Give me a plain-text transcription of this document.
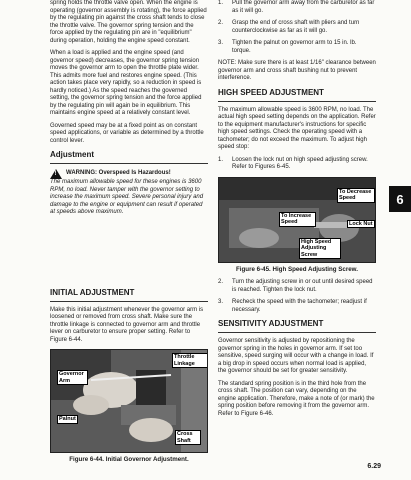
spring holds the throttle valve open. When the engine is operating (governor assembly is rotating), the force applied by the regulating pin against the cross shaft tends to close the throttle valve. The governor spring tension and the force applied by the regulating pin are in "equilibrium" during operation, holding the engine speed constant.

When a load is applied and the engine speed (and governor speed) decreases, the governor spring tension moves the governor arm to open the throttle plate wider. This admits more fuel and restores engine speed. (This action takes place very rapidly, so a reduction in speed is hardly noticed.) As the speed reaches the governed setting, the governor spring tension and the force applied by the regulating pin will again be in equilibrium. This maintains engine speed at a relatively constant level.

Governed speed may be at a fixed point as on constant speed applications, or variable as determined by a throttle control lever.

Adjustment
!
WARNING: Overspeed Is Hazardous!
The maximum allowable speed for these engines is 3600 RPM, no load. Never tamper with the governor setting to increase the maximum speed. Severe personal injury and damage to the engine or equipment can result if operated at speeds above maximum.
INITIAL ADJUSTMENT

Make this initial adjustment whenever the governor arm is loosened or removed from cross shaft. Make sure the throttle linkage is connected to governor arm and throttle lever on carburetor to ensure proper setting. Refer to Figure 6-44.

Throttle Linkage
Governor Arm
Palnut
Cross Shaft
Figure 6-44. Initial Governor Adjustment.
1.	Pull the governor arm away from the carburetor as far as it will go.
2.	Grasp the end of cross shaft with pliers and turn counterclockwise as far as it will go.
3.	Tighten the palnut on governor arm to 15 in. lb. torque.

NOTE: Make sure there is at least 1/16" clearance between governor arm and cross shaft bushing nut to prevent interference.

HIGH SPEED ADJUSTMENT

The maximum allowable speed is 3600 RPM, no load. The actual high speed setting depends on the application. Refer to the equipment manufacturer's instructions for specific high speed settings. Check the operating speed with a tachometer; do not exceed the maximum. To adjust high speed stop:

1.	Loosen the lock nut on high speed adjusting screw. Refer to Figures 6-45.
To Decrease Speed
To Increase Speed	Lock Nut
High Speed Adjusting Screw
Figure 6-45. High Speed Adjusting Screw.
2.	Turn the adjusting screw in or out until desired speed is reached. Tighten the lock nut.
3.	Recheck the speed with the tachometer; readjust if necessary.
SENSITIVITY ADJUSTMENT

Governor sensitivity is adjusted by repositioning the governor spring in the holes in governor arm. If set too sensitive, speed surging will occur with a change in load. If a big drop in speed occurs when normal load is applied, the governor should be set for greater sensitivity.

The standard spring position is in the third hole from the cross shaft. The position can vary, depending on the engine application. Therefore, make a note of (or mark) the spring position before removing it from the governor arm. Refer to Figure 6-46.

6
6.29
